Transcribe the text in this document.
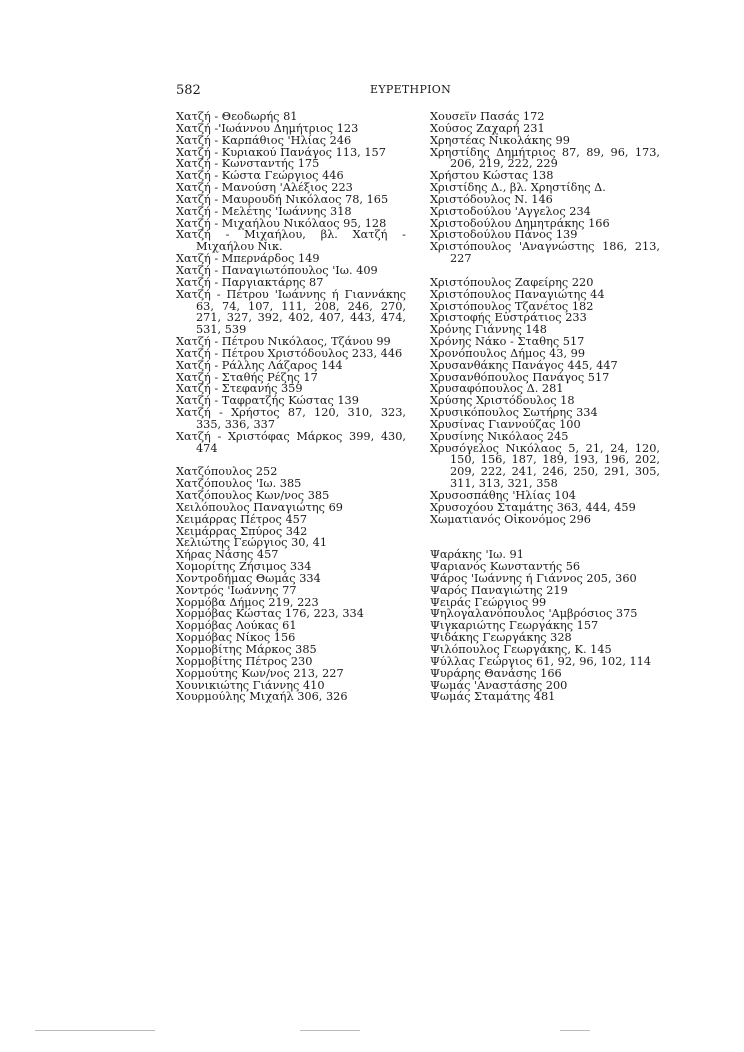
582	ΕΥΡΕΤΗΡΙΟΝ
Χατζή - Θεοδωρής 81
Χατζή -'Ιωάννου Δημήτριος 123
Χατζή - Καρπάθιος 'Ηλίας 246
Χατζή - Κυριακού Πανάγος 113, 157
Χατζή - Κωνσταντής 175
Χατζή - Κώστα Γεώργιος 446
Χατζή - Μανούση 'Αλέξιος 223
Χατζή - Μαυρουδή Νικόλαος 78, 165
Χατζή - Μελέτης 'Ιωάννης 318
Χατζή - Μιχαήλου Νικόλαος 95, 128
Χατζή - Μιχαήλου, βλ. Χατζή - Μιχαήλου Νικ.
Χατζή - Μπερνάρδος 149
Χατζή - Παναγιωτόπουλος 'Ιω. 409
Χατζή - Παργιακτάρης 87
Χατζή - Πέτρου 'Ιωάννης ή Γιαννάκης 63, 74, 107, 111, 208, 246, 270, 271, 327, 392, 402, 407, 443, 474, 531, 539
Χατζή - Πέτρου Νικόλαος, Τζάνου 99
Χατζή - Πέτρου Χριστόδουλος 233, 446
Χατζή - Ράλλης Λάζαρος 144
Χατζή - Σταθής Ρέζης 17
Χατζή - Στεφανής 359
Χατζή - Ταφρατζής Κώστας 139
Χατζή - Χρήστος 87, 120, 310, 323, 335, 336, 337
Χατζή - Χριστόφας Μάρκος 399, 430, 474
Χατζόπουλος 252
Χατζόπουλος 'Ιω. 385
Χατζόπουλος Κων/νος 385
Χειλόπουλος Παναγιώτης 69
Χειμάρρας Πέτρος 457
Χειμάρρας Σπύρος 342
Χελιώτης Γεώργιος 30, 41
Χήρας Νάσης 457
Χομορίτης Ζήσιμος 334
Χοντροδήμας Θωμάς 334
Χοντρός 'Ιωάννης 77
Χορμόβα Δήμος 219, 223
Χορμόβας Κώστας 176, 223, 334
Χορμόβας Λούκας 61
Χορμόβας Νίκος 156
Χορμοβίτης Μάρκος 385
Χορμοβίτης Πέτρος 230
Χορμούτης Κων/νος 213, 227
Χουνικιώτης Γιάννης 410
Χουρμούλης Μιχαήλ 306, 326
Χουσεϊν Πασάς 172
Χούσος Ζαχαρή 231
Χρηστέας Νικολάκης 99
Χρηστίδης Δημήτριος 87, 89, 96, 173, 206, 219, 222, 229
Χρήστου Κώστας 138
Χριστίδης Δ., βλ. Χρηστίδης Δ.
Χριστόδουλος Ν. 146
Χριστοδούλου 'Αγγελος 234
Χριστοδούλου Δημητράκης 166
Χριστοδούλου Πάνος 139
Χριστόπουλος 'Αναγνώστης 186, 213, 227
Χριστόπουλος Ζαφείρης 220
Χριστόπουλος Παναγιώτης 44
Χριστόπουλος Τζανέτος 182
Χριστοφής Εὐστράτιος 233
Χρόνης Γιάννης 148
Χρόνης Νάκο - Σταθης 517
Χρονόπουλος Δήμος 43, 99
Χρυσανθάκης Πανάγος 445, 447
Χρυσανθόπουλος Πανάγος 517
Χρυσαφόπουλος Δ. 281
Χρύσης Χριστόδουλος 18
Χρυσικόπουλος Σωτήρης 334
Χρυσίνας Γιαννούζας 100
Χρυσίνης Νικόλαος 245
Χρυσόγελος Νικόλαος 5, 21, 24, 120, 150, 156, 187, 189, 193, 196, 202, 209, 222, 241, 246, 250, 291, 305, 311, 313, 321, 358
Χρυσοσπάθης 'Ηλίας 104
Χρυσοχόου Σταμάτης 363, 444, 459
Χωματιανός Οἰκονόμος 296
Ψαράκης 'Ιω. 91
Ψαριανός Κωνσταντής 56
Ψάρος 'Ιωάννης ή Γιάννος 205, 360
Ψαρός Παναγιώτης 219
Ψειράς Γεώργιος 99
Ψηλογαλανόπουλος 'Αμβρόσιος 375
Ψιγκαριώτης Γεωργάκης 157
Ψιδάκης Γεωργάκης 328
Ψιλόπουλος Γεωργάκης, Κ. 145
Ψύλλας Γεώργιος 61, 92, 96, 102, 114
Ψυράρης Θανάσης 166
Ψωμάς 'Αναστάσης 200
Ψωμάς Σταμάτης 481
